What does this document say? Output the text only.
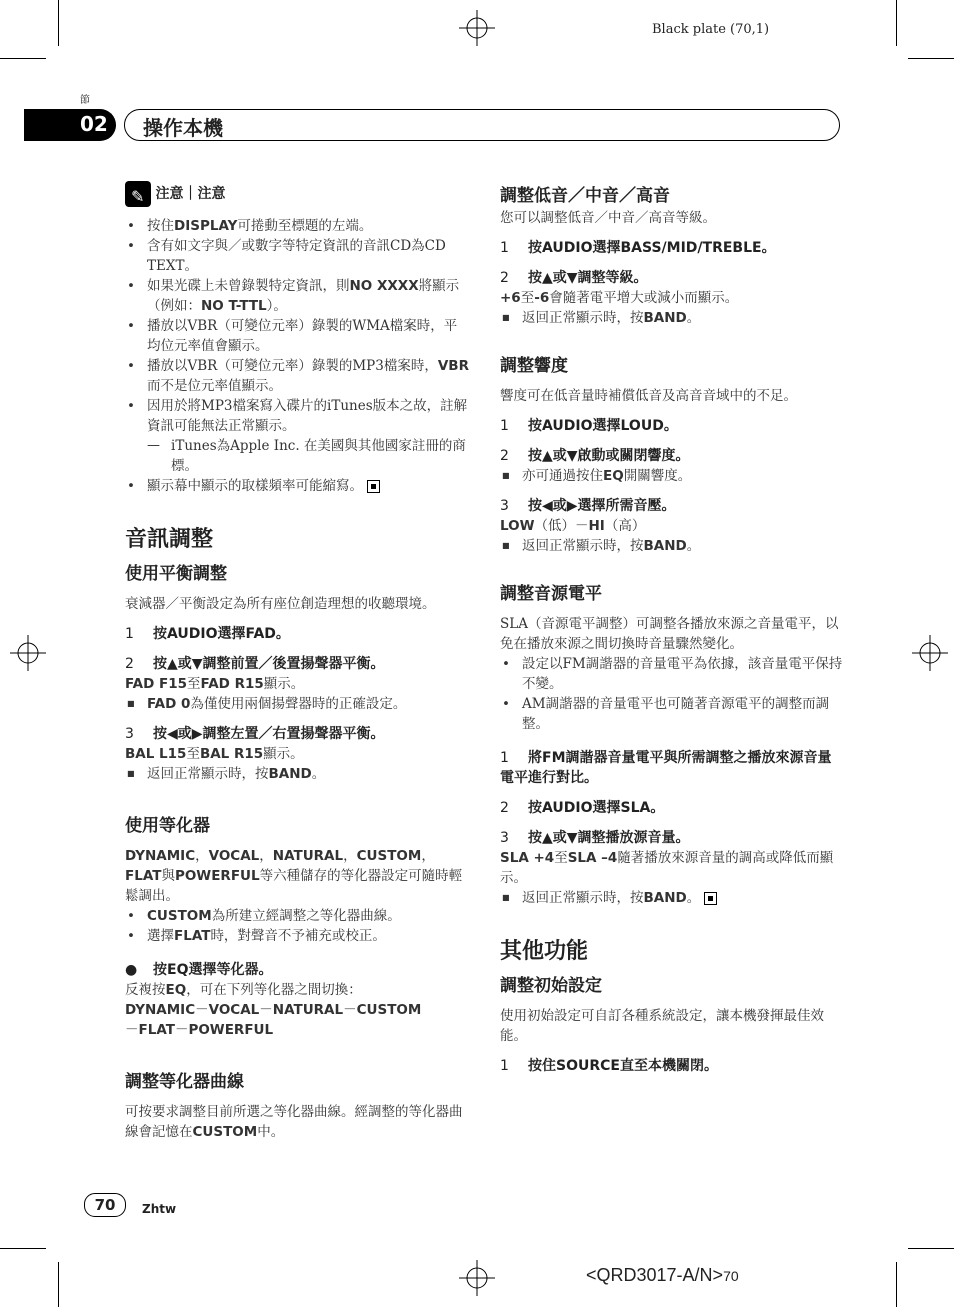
Black plate (70,1)
節
02 操作本機
✎ 注意｜注意
• 按住DISPLAY可捲動至標題的左端。
• 含有如文字與／或數字等特定資訊的音訊CD為CD TEXT。
• 如果光碟上未曾錄製特定資訊，則NO XXXX將顯示（例如：NO T-TTL）。
• 播放以VBR（可變位元率）錄製的WMA檔案時，平均位元率值會顯示。
• 播放以VBR（可變位元率）錄製的MP3檔案時，VBR而不是位元率值顯示。
• 因用於將MP3檔案寫入碟片的iTunes版本之故，註解資訊可能無法正常顯示。
— iTunes為Apple Inc. 在美國與其他國家註冊的商標。
• 顯示幕中顯示的取樣頻率可能縮寫。
音訊調整
使用平衡調整

衰減器／平衡設定為所有座位創造理想的收聽環境。

1 按AUDIO選擇FAD。

2 按▲或▼調整前置／後置揚聲器平衡。

FAD F15至FAD R15顯示。

■ FAD 0為僅使用兩個揚聲器時的正確設定。

3 按◀或▶調整左置／右置揚聲器平衡。

BAL L15至BAL R15顯示。

■ 返回正常顯示時，按BAND。
使用等化器

DYNAMIC，VOCAL，NATURAL，CUSTOM，FLAT與POWERFUL等六種儲存的等化器設定可隨時輕鬆調出。

• CUSTOM為所建立經調整之等化器曲線。
• 選擇FLAT時，對聲音不予補充或校正。

● 按EQ選擇等化器。

反複按EQ，可在下列等化器之間切換：

DYNAMIC－VOCAL－NATURAL－CUSTOM

－FLAT－POWERFUL

調整等化器曲線

可按要求調整目前所選之等化器曲線。經調整的等化器曲線會記憶在CUSTOM中。

調整低音／中音／高音

您可以調整低音／中音／高音等級。

1 按AUDIO選擇BASS/MID/TREBLE。

2 按▲或▼調整等級。

+6至-6會隨著電平增大或減小而顯示。

■ 返回正常顯示時，按BAND。
調整響度

響度可在低音量時補償低音及高音音域中的不足。

1 按AUDIO選擇LOUD。

2 按▲或▼啟動或關閉響度。

■ 亦可通過按住EQ開關響度。

3 按◀或▶選擇所需音壓。

LOW（低）－HI（高）

■ 返回正常顯示時，按BAND。
調整音源電平

SLA（音源電平調整）可調整各播放來源之音量電平，以免在播放來源之間切換時音量驟然變化。

• 設定以FM調諧器的音量電平為依據，該音量電平保持不變。
• AM調諧器的音量電平也可隨著音源電平的調整而調整。

1 將FM調諧器音量電平與所需調整之播放來源音量電平進行對比。

2 按AUDIO選擇SLA。

3 按▲或▼調整播放源音量。

SLA +4至SLA –4隨著播放來源音量的調高或降低而顯示。

■ 返回正常顯示時，按BAND。
其他功能
調整初始設定

使用初始設定可自訂各種系統設定，讓本機發揮最佳效能。

1 按住SOURCE直至本機關閉。

70	Zhtw
<QRD3017-A/N>70
